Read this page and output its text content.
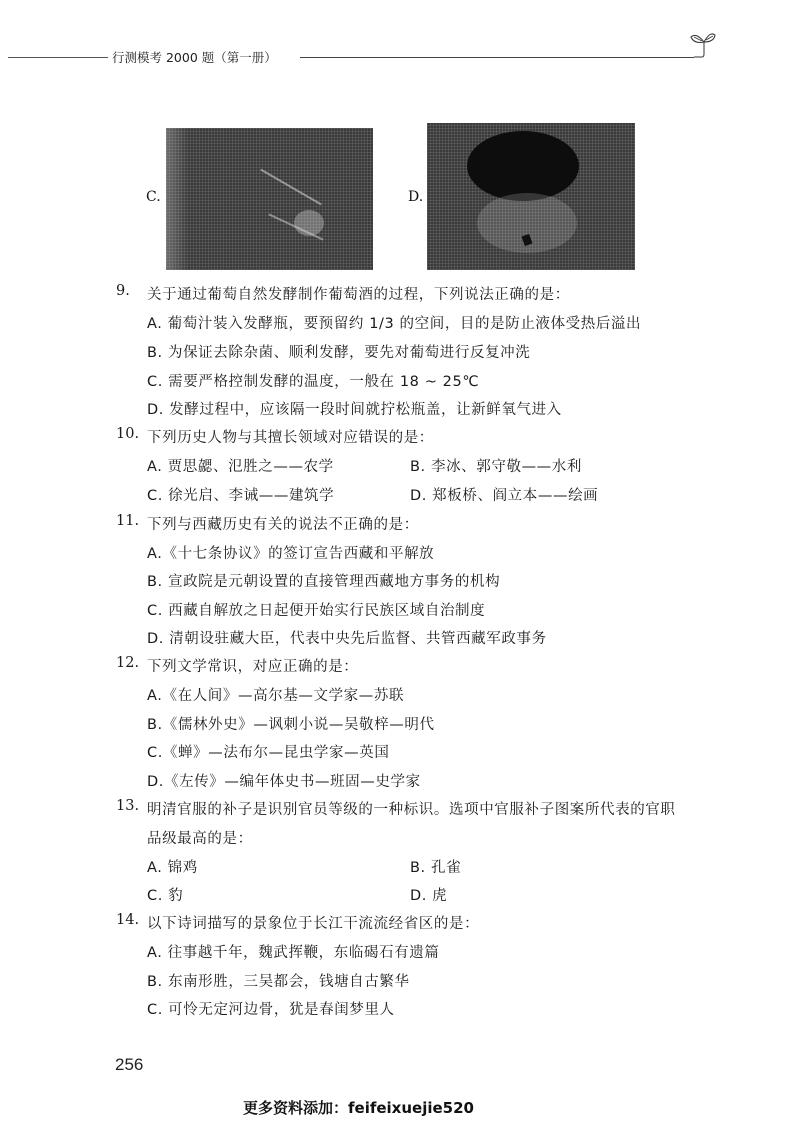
行测模考 2000 题（第一册）
C.	D.
9. 关于通过葡萄自然发酵制作葡萄酒的过程，下列说法正确的是：
A. 葡萄汁装入发酵瓶，要预留约 1/3 的空间，目的是防止液体受热后溢出
B. 为保证去除杂菌、顺利发酵，要先对葡萄进行反复冲洗
C. 需要严格控制发酵的温度，一般在 18 ~ 25℃
D. 发酵过程中，应该隔一段时间就拧松瓶盖，让新鲜氧气进入
10. 下列历史人物与其擅长领域对应错误的是：
A. 贾思勰、氾胜之——农学	B. 李冰、郭守敬——水利
C. 徐光启、李诫——建筑学	D. 郑板桥、阎立本——绘画
11. 下列与西藏历史有关的说法不正确的是：
A.《十七条协议》的签订宣告西藏和平解放
B. 宣政院是元朝设置的直接管理西藏地方事务的机构
C. 西藏自解放之日起便开始实行民族区域自治制度
D. 清朝设驻藏大臣，代表中央先后监督、共管西藏军政事务
12. 下列文学常识，对应正确的是：
A.《在人间》—高尔基—文学家—苏联
B.《儒林外史》—讽刺小说—吴敬梓—明代
C.《蝉》—法布尔—昆虫学家—英国
D.《左传》—编年体史书—班固—史学家
13. 明清官服的补子是识别官员等级的一种标识。选项中官服补子图案所代表的官职
品级最高的是：
A. 锦鸡	B. 孔雀
C. 豹	D. 虎
14. 以下诗词描写的景象位于长江干流流经省区的是：
A. 往事越千年，魏武挥鞭，东临碣石有遗篇
B. 东南形胜，三吴都会，钱塘自古繁华
C. 可怜无定河边骨，犹是春闺梦里人
256
更多资料添加：feifeixuejie520
